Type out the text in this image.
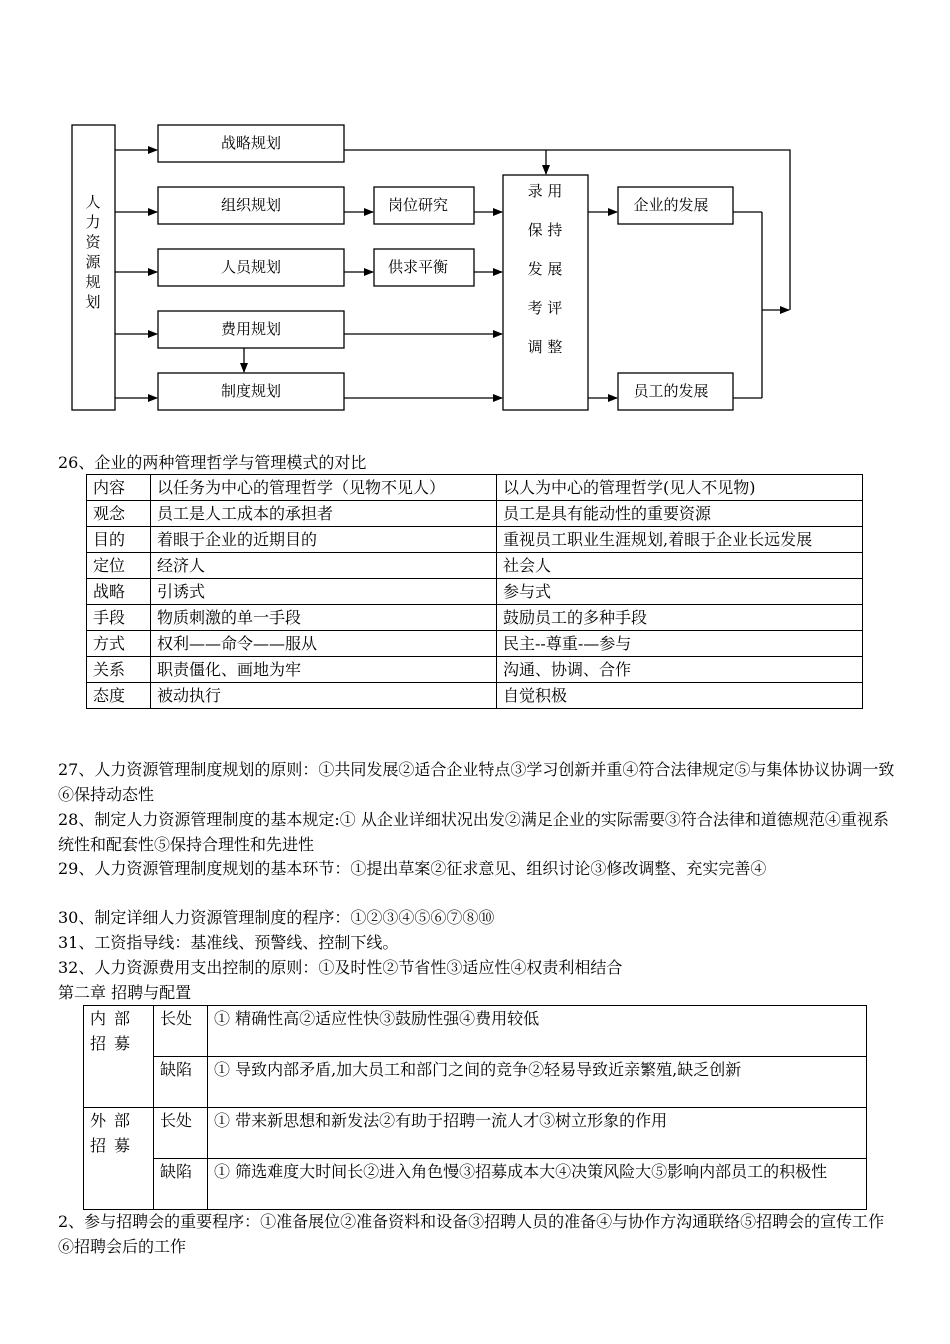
人
力
资
源
规
划
战略规划
组织规划
人员规划
费用规划
制度规划
岗位研究
供求平衡
录 用
保 持
发 展
考 评
调 整
企业的发展
员工的发展
26、企业的两种管理哲学与管理模式的对比
内容	以任务为中心的管理哲学（见物不见人）	以人为中心的管理哲学(见人不见物)
观念	员工是人工成本的承担者	员工是具有能动性的重要资源
目的	着眼于企业的近期目的	重视员工职业生涯规划,着眼于企业长远发展
定位	经济人	社会人
战略	引诱式	参与式
手段	物质刺激的单一手段	鼓励员工的多种手段
方式	权利——命令——服从	民主--尊重-—参与
关系	职责僵化、画地为牢	沟通、协调、合作
态度	被动执行	自觉积极
27、人力资源管理制度规划的原则：①共同发展②适合企业特点③学习创新并重④符合法律规定⑤与集体协议协调一致⑥保持动态性
28、制定人力资源管理制度的基本规定:① 从企业详细状况出发②满足企业的实际需要③符合法律和道德规范④重视系统性和配套性⑤保持合理性和先进性
29、人力资源管理制度规划的基本环节：①提出草案②征求意见、组织讨论③修改调整、充实完善④
30、制定详细人力资源管理制度的程序：①②③④⑤⑥⑦⑧⑩
31、工资指导线：基准线、预警线、控制下线。
32、人力资源费用支出控制的原则：①及时性②节省性③适应性④权责利相结合
第二章 招聘与配置
内部招募	长处	① 精确性高②适应性快③鼓励性强④费用较低
	缺陷	① 导致内部矛盾,加大员工和部门之间的竞争②轻易导致近亲繁殖,缺乏创新
外部招募	长处	① 带来新思想和新发法②有助于招聘一流人才③树立形象的作用
	缺陷	① 筛选难度大时间长②进入角色慢③招募成本大④决策风险大⑤影响内部员工的积极性
2、参与招聘会的重要程序：①准备展位②准备资料和设备③招聘人员的准备④与协作方沟通联络⑤招聘会的宣传工作⑥招聘会后的工作
